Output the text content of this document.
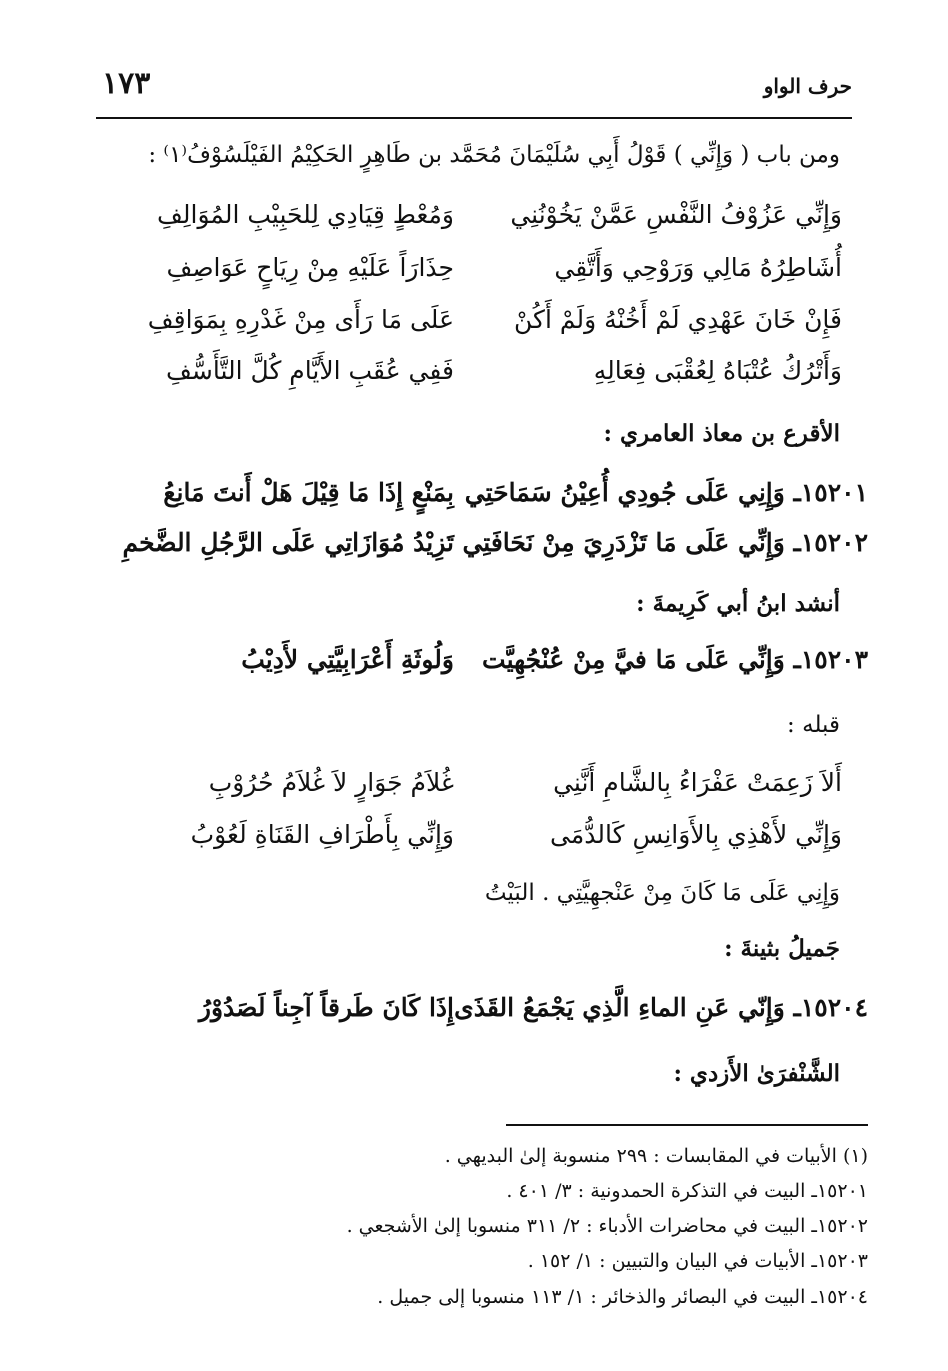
حرف الواو
١٧٣
ومن باب ( وَإِنِّي ) قَوْلُ أَبِي سُلَيْمَانَ مُحَمَّد بن طَاهِرٍ الحَكِيْمُ الفَيْلَسُوْفُ⁽١⁾ :
وَإِنِّي عَزُوْفُ النَّفْسِ عَمَّنْ يَخُوْنُنِي
وَمُعْطٍ قِيَادِي لِلحَبِيْبِ المُوَالِفِ
أُشَاطِرُهُ مَالِي وَرَوْحِي وَأَتَّقِي
حِذَارَاً عَلَيْهِ مِنْ رِيَاحٍ عَوَاصِفِ
فَإِنْ خَانَ عَهْدِي لَمْ أَخُنْهُ وَلَمْ أَكُنْ
عَلَى مَا رَأَى مِنْ غَدْرِهِ بِمَوَاقِفِ
وَأَتْرُكُ عُتْبَاهُ لِعُقْبَى فِعَالِهِ
فَفِي عُقَبِ الأَيَّامِ كُلَّ التَّأَسُّفِ
الأقرع بن معاذ العامري :
١٥٢٠١ـ وَإِنِي عَلَى جُودِي أُعِيْنُ سَمَاحَتِي
بِمَنْعٍ إِذَا مَا قِيْلَ هَلْ أَنتَ مَانِعُ
١٥٢٠٢ـ وَإِنِّي عَلَى مَا تَزْدَرِيَ مِنْ نَحَافَتِي
تَزِيْدُ مُوَازَاتِي عَلَى الرَّجُلِ الضَّخمِ
أنشد ابنُ أبي كَرِيمةَ :
١٥٢٠٣ـ وَإِنِّي عَلَى مَا فيَّ مِنْ عُنْجُهِيَّت
وَلُوثَةِ أَعْرَابِيَّتِي لأَدِيْبُ
قبله :
أَلاَ زَعِمَتْ عَفْرَاءُ بِالشَّامِ أَنَّنِي
غُلاَمُ جَوَارٍ لاَ غُلاَمُ حُرُوْبِ
وَإِنِّي لأَهْذِي بِالأَوَانِسِ كَالدُّمَى
وَإِنِّي بِأَطْرَافِ القَنَاةِ لَعُوْبُ
وَإِنِي عَلَى مَا كَانَ مِنْ عَنْجهِيَّتِي . البَيْتُ
جَميلُ بثينةَ :
١٥٢٠٤ـ وَإِنّي عَنِ الماءِ الَّذِي يَجْمَعُ القَذَى
إِذَا كَانَ طَرقاً آجِناً لَصَدُوْرُ
الشَّنْفرَىٰ الأَزدي :
(١) الأبيات في المقابسات : ٢٩٩ منسوبة إلىٰ البديهي .
١٥٢٠١ـ البيت في التذكرة الحمدونية : ٣/ ٤٠١ .
١٥٢٠٢ـ البيت في محاضرات الأدباء : ٢/ ٣١١ منسوبا إلىٰ الأشجعي .
١٥٢٠٣ـ الأبيات في البيان والتبيين : ١/ ١٥٢ .
١٥٢٠٤ـ البيت في البصائر والذخائر : ١/ ١١٣ منسوبا إلى جميل .
